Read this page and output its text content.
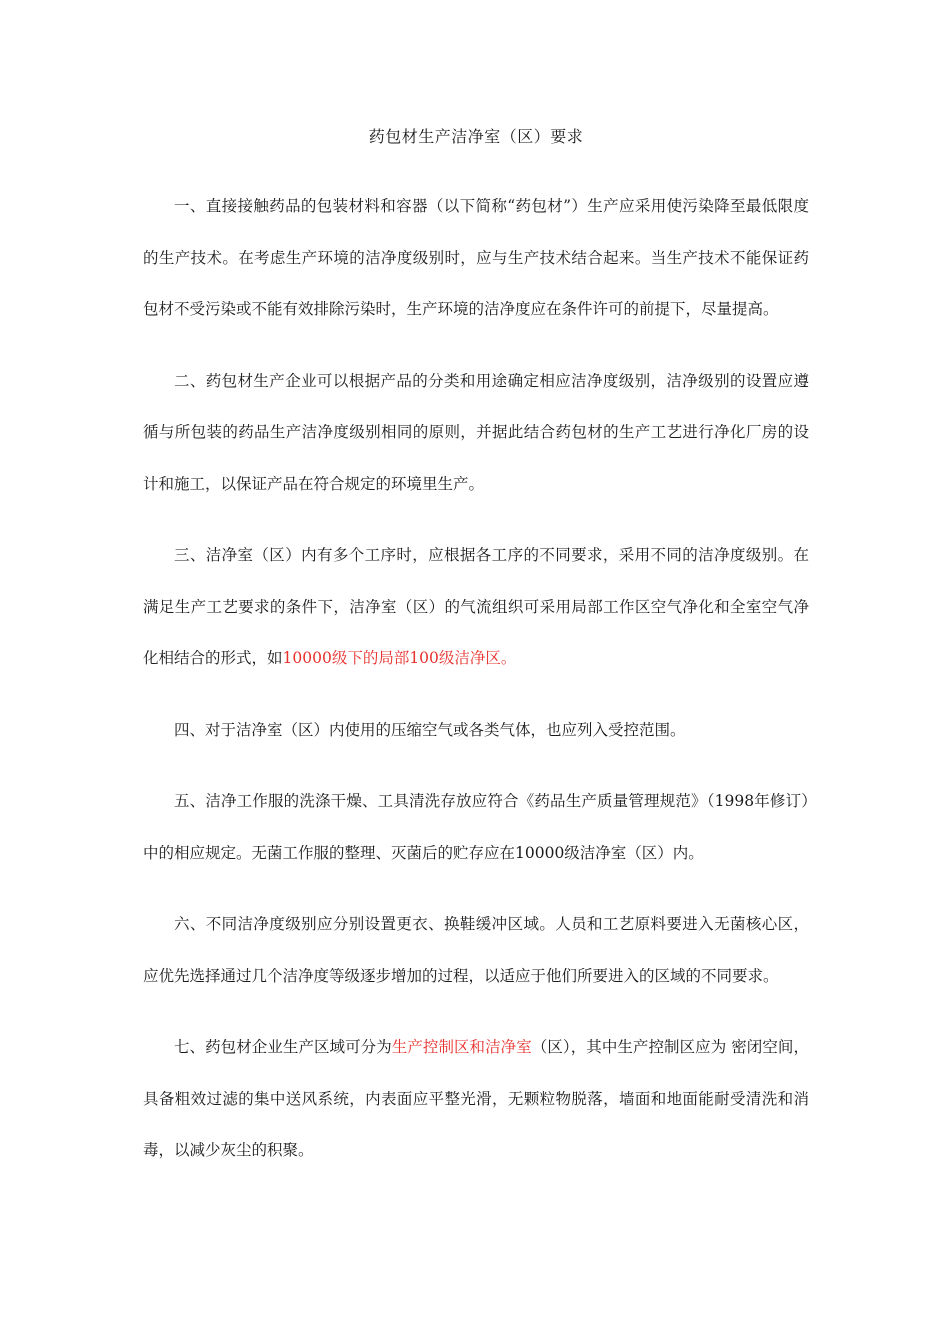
药包材生产洁净室（区）要求

一、直接接触药品的包装材料和容器（以下简称“药包材”）生产应采用使污染降至最低限度的生产技术。在考虑生产环境的洁净度级别时，应与生产技术结合起来。当生产技术不能保证药包材不受污染或不能有效排除污染时，生产环境的洁净度应在条件许可的前提下，尽量提高。

二、药包材生产企业可以根据产品的分类和用途确定相应洁净度级别，洁净级别的设置应遵循与所包装的药品生产洁净度级别相同的原则，并据此结合药包材的生产工艺进行净化厂房的设计和施工，以保证产品在符合规定的环境里生产。

三、洁净室（区）内有多个工序时，应根据各工序的不同要求，采用不同的洁净度级别。在满足生产工艺要求的条件下，洁净室（区）的气流组织可采用局部工作区空气净化和全室空气净化相结合的形式，如10000级下的局部100级洁净区。

四、对于洁净室（区）内使用的压缩空气或各类气体，也应列入受控范围。

五、洁净工作服的洗涤干燥、工具清洗存放应符合《药品生产质量管理规范》（1998年修订）中的相应规定。无菌工作服的整理、灭菌后的贮存应在10000级洁净室（区）内。

六、不同洁净度级别应分别设置更衣、换鞋缓冲区域。人员和工艺原料要进入无菌核心区，应优先选择通过几个洁净度等级逐步增加的过程，以适应于他们所要进入的区域的不同要求。

七、药包材企业生产区域可分为生产控制区和洁净室（区），其中生产控制区应为 密闭空间，具备粗效过滤的集中送风系统，内表面应平整光滑，无颗粒物脱落，墙面和地面能耐受清洗和消毒，以减少灰尘的积聚。
